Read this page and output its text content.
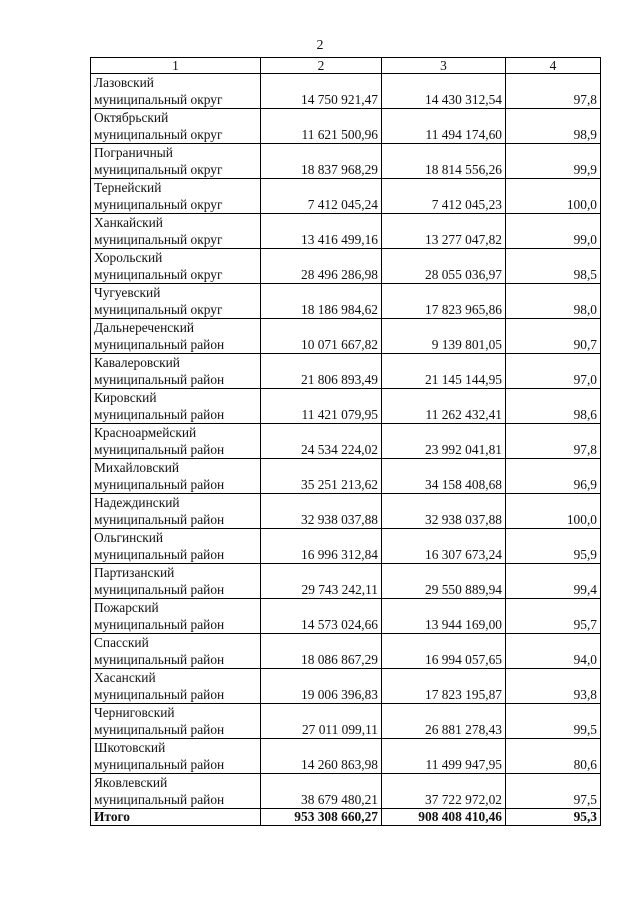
2
1	2	3	4

Лазовский
муниципальный округ	14 750 921,47	14 430 312,54	97,8

Октябрьский
муниципальный округ	11 621 500,96	11 494 174,60	98,9

Пограничный
муниципальный округ	18 837 968,29	18 814 556,26	99,9

Тернейский
муниципальный округ	7 412 045,24	7 412 045,23	100,0

Ханкайский
муниципальный округ	13 416 499,16	13 277 047,82	99,0

Хорольский
муниципальный округ	28 496 286,98	28 055 036,97	98,5

Чугуевский
муниципальный округ	18 186 984,62	17 823 965,86	98,0

Дальнереченский
муниципальный район	10 071 667,82	9 139 801,05	90,7

Кавалеровский
муниципальный район	21 806 893,49	21 145 144,95	97,0

Кировский
муниципальный район	11 421 079,95	11 262 432,41	98,6

Красноармейский
муниципальный район	24 534 224,02	23 992 041,81	97,8

Михайловский
муниципальный район	35 251 213,62	34 158 408,68	96,9

Надеждинский
муниципальный район	32 938 037,88	32 938 037,88	100,0

Ольгинский
муниципальный район	16 996 312,84	16 307 673,24	95,9

Партизанский
муниципальный район	29 743 242,11	29 550 889,94	99,4

Пожарский
муниципальный район	14 573 024,66	13 944 169,00	95,7

Спасский
муниципальный район	18 086 867,29	16 994 057,65	94,0

Хасанский
муниципальный район	19 006 396,83	17 823 195,87	93,8

Черниговский
муниципальный район	27 011 099,11	26 881 278,43	99,5

Шкотовский
муниципальный район	14 260 863,98	11 499 947,95	80,6

Яковлевский
муниципальный район	38 679 480,21	37 722 972,02	97,5
Итого	953 308 660,27	908 408 410,46	95,3
